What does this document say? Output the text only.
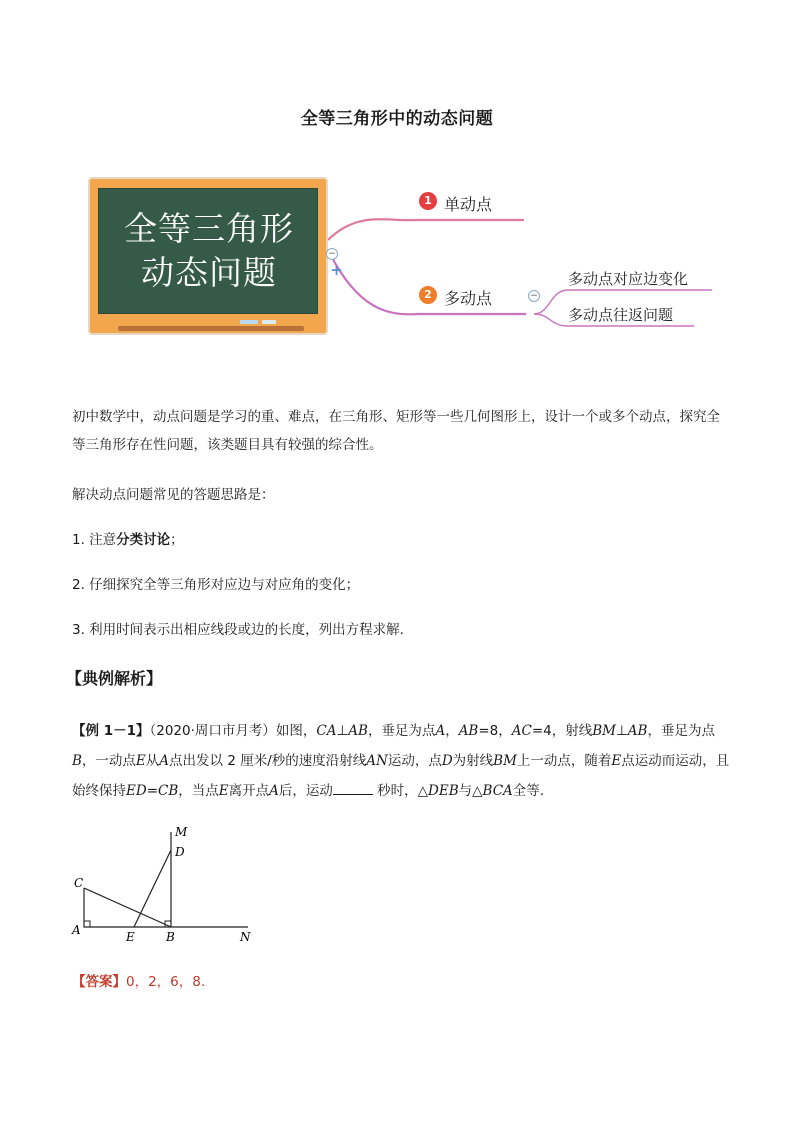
全等三角形中的动态问题
全等三角形
动态问题	−
+
1 单动点
2 多动点	−
多动点对应边变化
多动点往返问题
初中数学中，动点问题是学习的重、难点，在三角形、矩形等一些几何图形上，设计一个或多个动点，探究全等三角形存在性问题，该类题目具有较强的综合性。
解决动点问题常见的答题思路是：
1. 注意分类讨论；
2. 仔细探究全等三角形对应边与对应角的变化；
3. 利用时间表示出相应线段或边的长度，列出方程求解.
【典例解析】
【例 1－1】（2020·周口市月考）如图，CA⊥AB，垂足为点A，AB=8，AC=4，射线BM⊥AB，垂足为点B，一动点E从A点出发以 2 厘米/秒的速度沿射线AN运动，点D为射线BM上一动点，随着E点运动而运动，且始终保持ED=CB，当点E离开点A后，运动	秒时，△DEB与△BCA全等.
M
D
C
A	E	B	N
【答案】0，2，6，8.
